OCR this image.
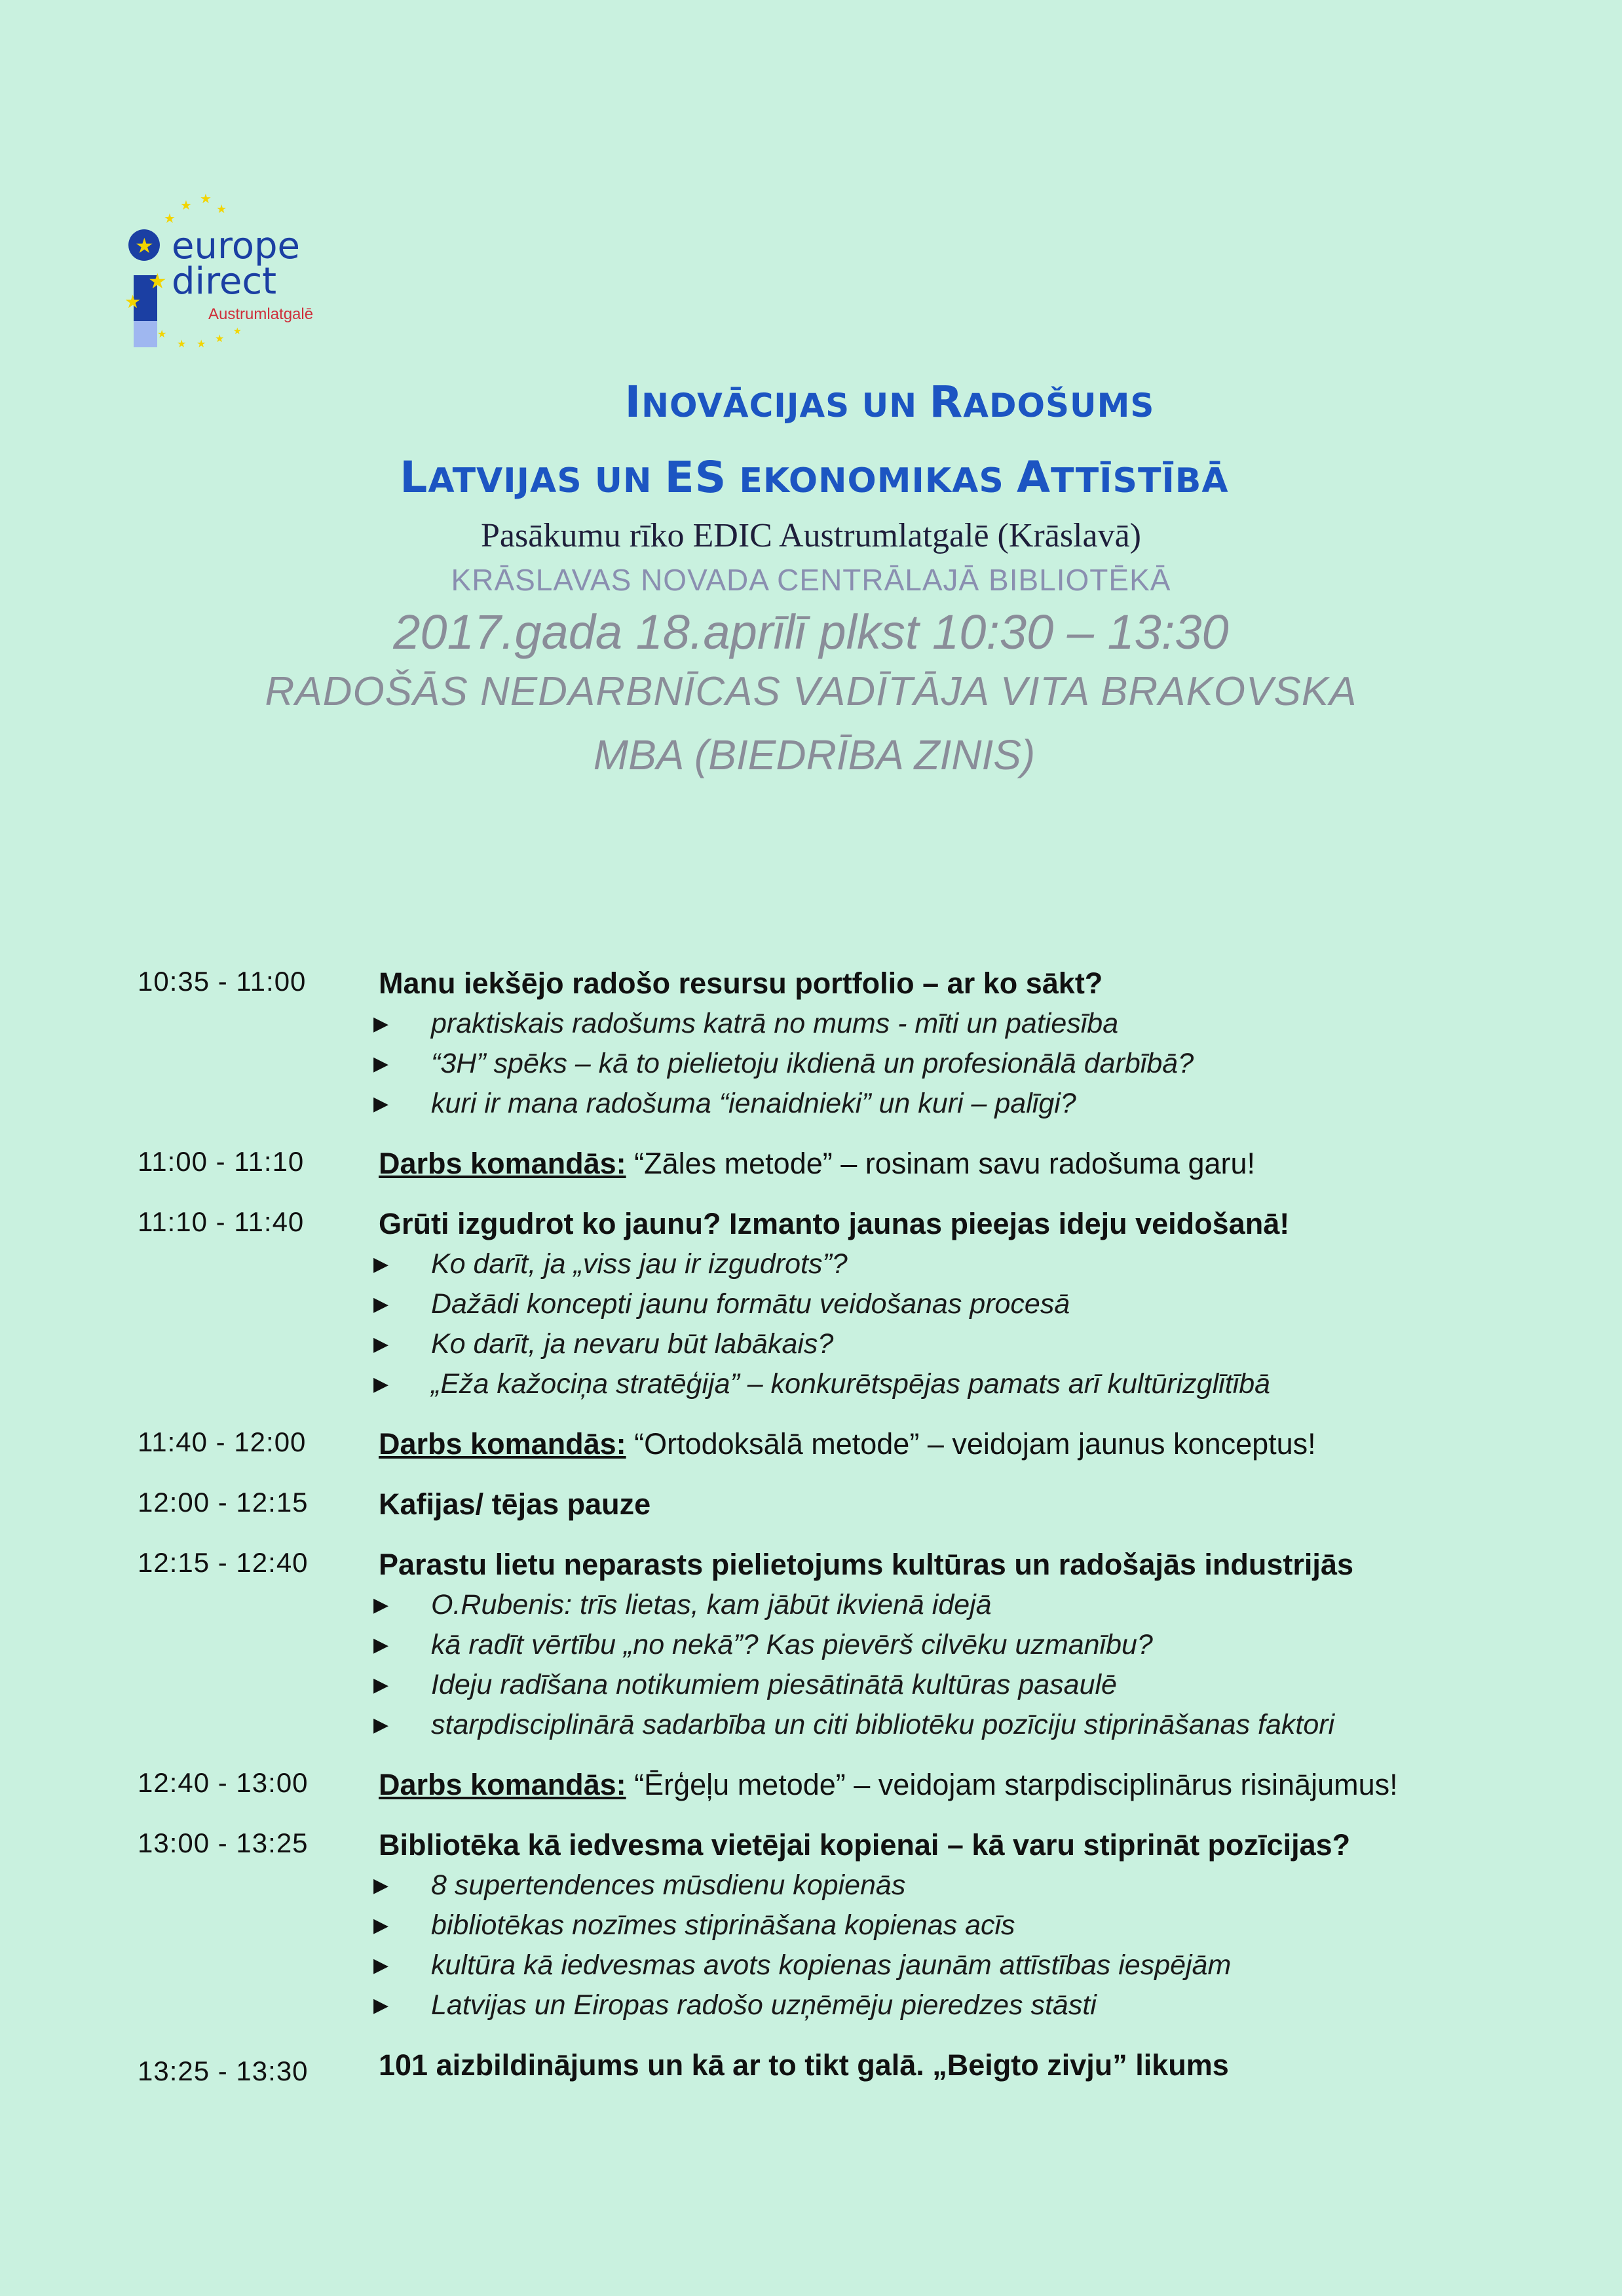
★
★ ★
★
★
★ ★ ★
★
★
★
★
europe
direct
Austrumlatgalē
INOVĀCIJAS UN RADOŠUMS
LATVIJAS UN ES EKONOMIKAS ATTĪSTĪBĀ
Pasākumu rīko EDIC Austrumlatgalē (Krāslavā)
KRĀSLAVAS NOVADA CENTRĀLAJĀ BIBLIOTĒKĀ
2017.gada 18.aprīlī plkst 10:30 – 13:30
RADOŠĀS NEDARBNĪCAS VADĪTĀJA VITA BRAKOVSKA
MBA (BIEDRĪBA ZINIS)
10:35 - 11:00	Manu iekšējo radošo resursu portfolio – ar ko sākt?
▶ praktiskais radošums katrā no mums - mīti un patiesība
▶ “3H” spēks – kā to pielietoju ikdienā un profesionālā darbībā?
▶ kuri ir mana radošuma “ienaidnieki” un kuri – palīgi?
11:00 - 11:10	Darbs komandās: “Zāles metode” – rosinam savu radošuma garu!
11:10 - 11:40	Grūti izgudrot ko jaunu? Izmanto jaunas pieejas ideju veidošanā!
▶ Ko darīt, ja „viss jau ir izgudrots”?
▶ Dažādi koncepti jaunu formātu veidošanas procesā
▶ Ko darīt, ja nevaru būt labākais?
▶ „Eža kažociņa stratēģija” – konkurētspējas pamats arī kultūrizglītībā
11:40 - 12:00	Darbs komandās: “Ortodoksālā metode” – veidojam jaunus konceptus!
12:00 - 12:15	Kafijas/ tējas pauze
12:15 - 12:40	Parastu lietu neparasts pielietojums kultūras un radošajās industrijās
▶ O.Rubenis: trīs lietas, kam jābūt ikvienā idejā
▶ kā radīt vērtību „no nekā”? Kas pievērš cilvēku uzmanību?
▶ Ideju radīšana notikumiem piesātinātā kultūras pasaulē
▶ starpdisciplinārā sadarbība un citi bibliotēku pozīciju stiprināšanas faktori
12:40 - 13:00	Darbs komandās: “Ērģeļu metode” – veidojam starpdisciplinārus risinājumus!
13:00 - 13:25	Bibliotēka kā iedvesma vietējai kopienai – kā varu stiprināt pozīcijas?
▶ 8 supertendences mūsdienu kopienās
▶ bibliotēkas nozīmes stiprināšana kopienas acīs
▶ kultūra kā iedvesmas avots kopienas jaunām attīstības iespējām
▶ Latvijas un Eiropas radošo uzņēmēju pieredzes stāsti
13:25 - 13:30	101 aizbildinājums un kā ar to tikt galā. „Beigto zivju” likums
